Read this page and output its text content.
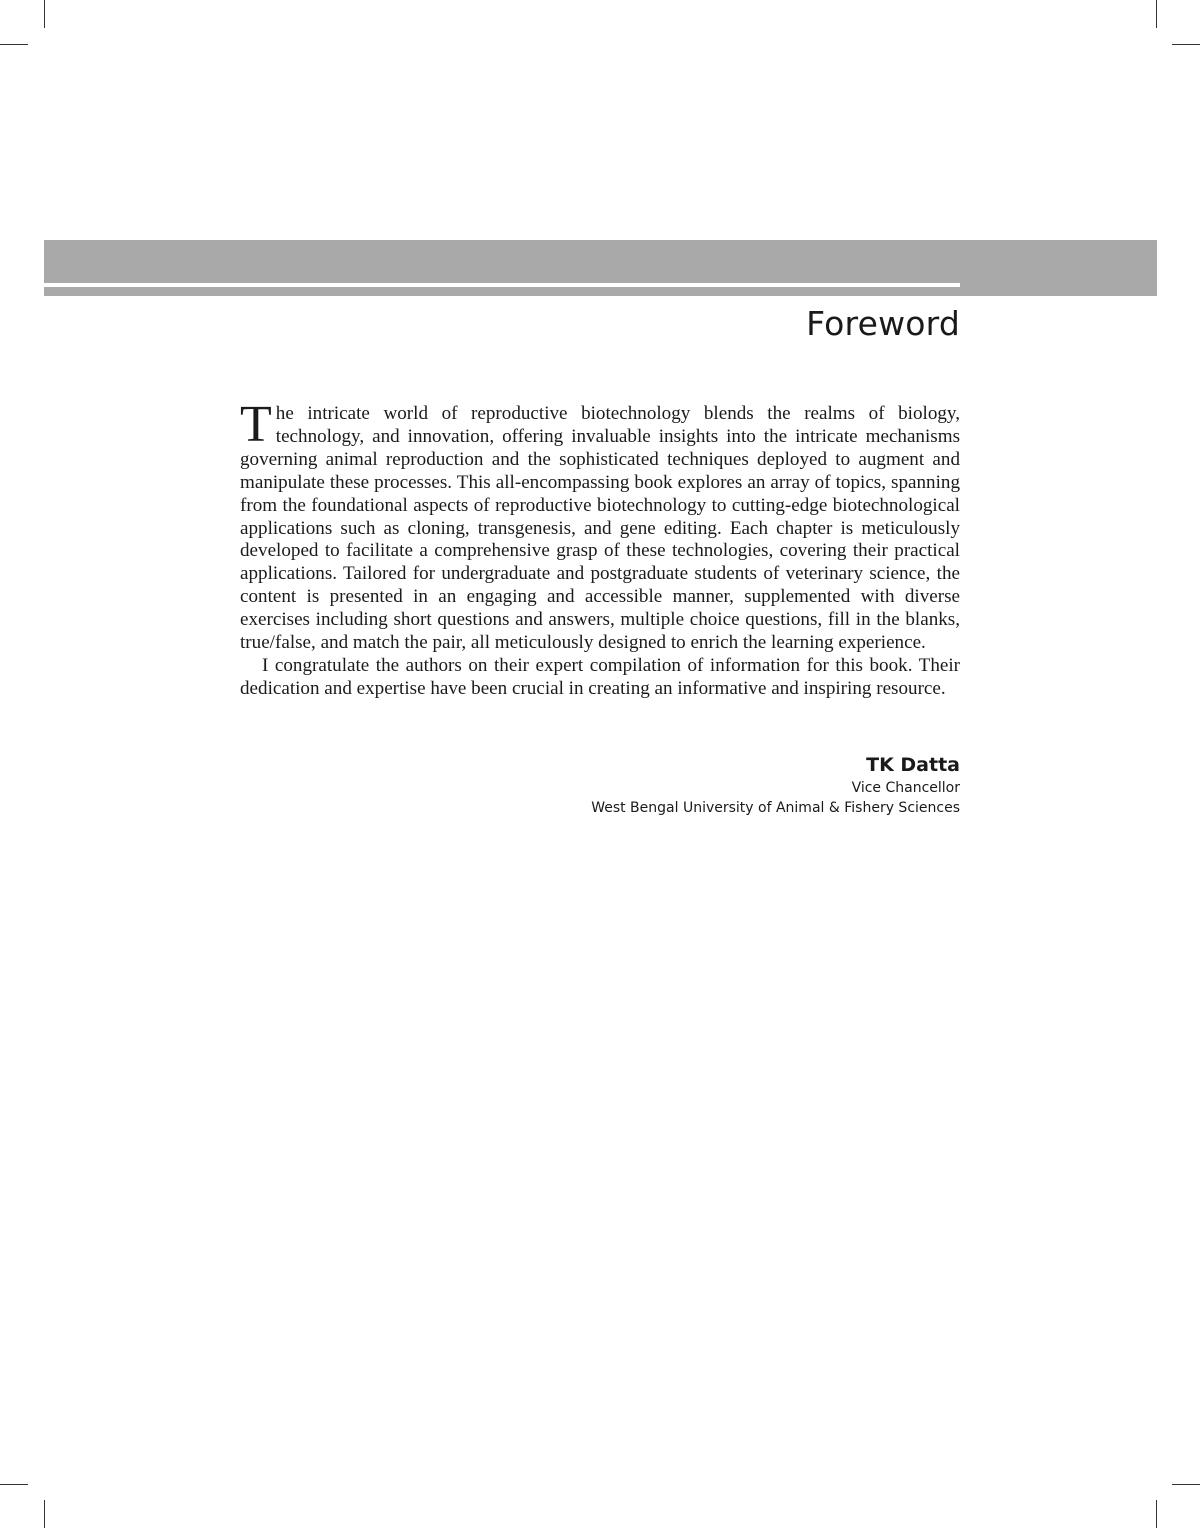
Foreword

The intricate world of reproductive biotechnology blends the realms of biology, technology, and innovation, offering invaluable insights into the intricate mechanisms governing animal reproduction and the sophisticated techniques deployed to augment and manipulate these processes. This all-encompassing book explores an array of topics, spanning from the foundational aspects of reproductive biotechnology to cutting-edge biotechnological applications such as cloning, transgenesis, and gene editing. Each chapter is meticulously developed to facilitate a comprehensive grasp of these technologies, covering their practical applications. Tailored for undergraduate and postgraduate students of veterinary science, the content is presented in an engaging and accessible manner, supplemented with diverse exercises including short questions and answers, multiple choice questions, fill in the blanks, true/false, and match the pair, all meticulously designed to enrich the learning experience.

I congratulate the authors on their expert compilation of information for this book. Their dedication and expertise have been crucial in creating an informative and inspiring resource.

TK Datta
Vice Chancellor
West Bengal University of Animal & Fishery Sciences
